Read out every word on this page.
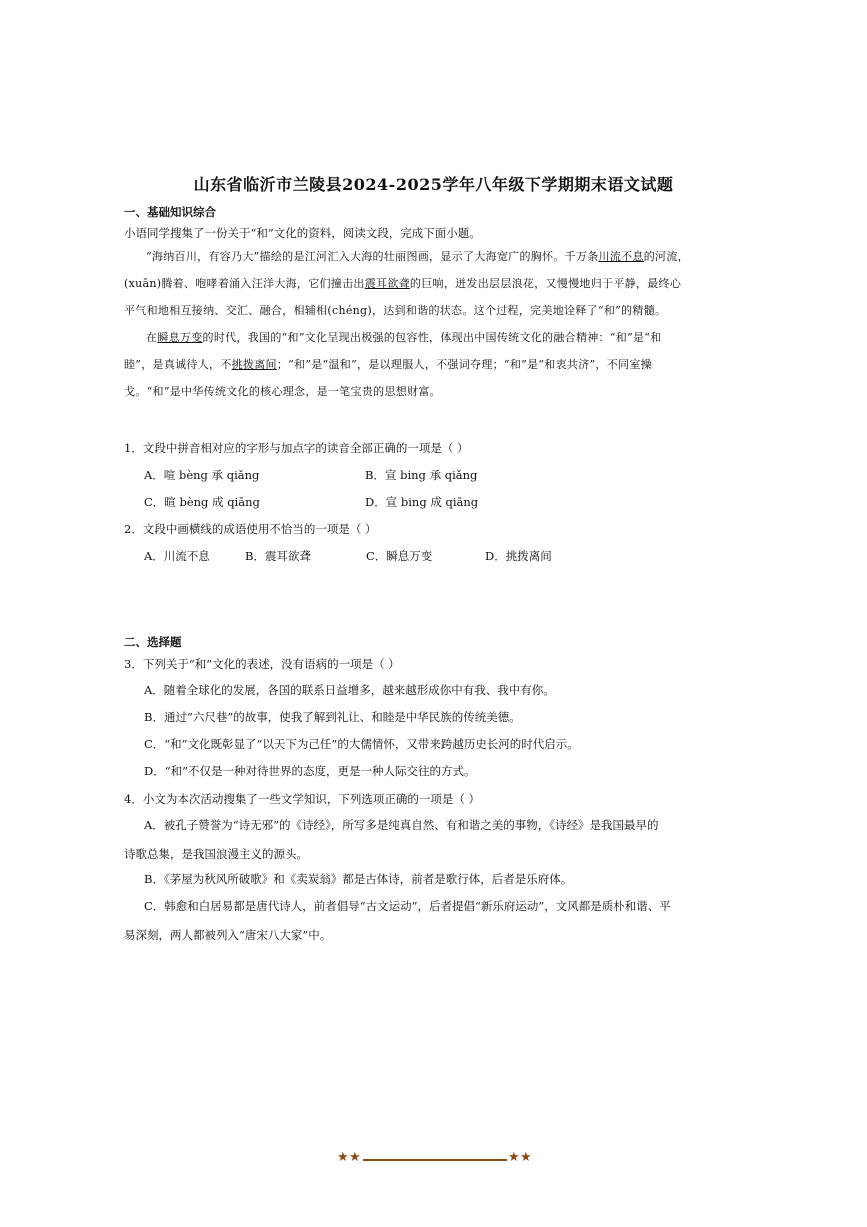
山东省临沂市兰陵县2024-2025学年八年级下学期期末语文试题
一、基础知识综合
小语同学搜集了一份关于“和”文化的资料，阅读文段，完成下面小题。

“海纳百川，有容乃大”描绘的是江河汇入大海的壮丽图画，显示了大海宽广的胸怀。千万条川流不息的河流，(xuān)腾着、咆哮着涌入汪洋大海，它们撞击出震耳欲聋的巨响，迸发出层层浪花，又慢慢地归于平静，最终心平气和地相互接纳、交汇、融合，相辅相(chéng)，达到和谐的状态。这个过程，完美地诠释了“和”的精髓。

在瞬息万变的时代，我国的“和”文化呈现出极强的包容性，体现出中国传统文化的融合精神：“和”是“和睦”，是真诚待人，不挑拨离间；“和”是“温和”，是以理服人，不强词夺理；“和”是“和衷共济”，不同室操戈。“和”是中华传统文化的核心理念，是一笔宝贵的思想财富。

1．文段中拼音相对应的字形与加点字的读音全部正确的一项是（ ）
A．喧 bèng 承 qiǎng	B．宣 bing 承 qiǎng
C．暄 bèng 成 qiāng	D．宣 bing 成 qiāng
2．文段中画横线的成语使用不恰当的一项是（ ）
A．川流不息	B．震耳欲聋	C．瞬息万变	D．挑拨离间
二、选择题
3．下列关于“和”文化的表述，没有语病的一项是（ ）

A．随着全球化的发展，各国的联系日益增多，越来越形成你中有我、我中有你。

B．通过“六尺巷”的故事，使我了解到礼让、和睦是中华民族的传统美德。

C．“和”文化既彰显了“以天下为己任”的大儒情怀，又带来跨越历史长河的时代启示。

D．“和”不仅是一种对待世界的态度，更是一种人际交往的方式。

4．小文为本次活动搜集了一些文学知识，下列选项正确的一项是（ ）

A．被孔子赞誉为“诗无邪”的《诗经》，所写多是纯真自然、有和谐之美的事物，《诗经》是我国最早的

诗歌总集，是我国浪漫主义的源头。

B．《茅屋为秋风所破歌》和《卖炭翁》都是古体诗，前者是歌行体，后者是乐府体。

C．韩愈和白居易都是唐代诗人，前者倡导“古文运动”，后者提倡“新乐府运动”，文风都是质朴和谐、平

易深刻，两人都被列入“唐宋八大家”中。
★ ★	★ ★
